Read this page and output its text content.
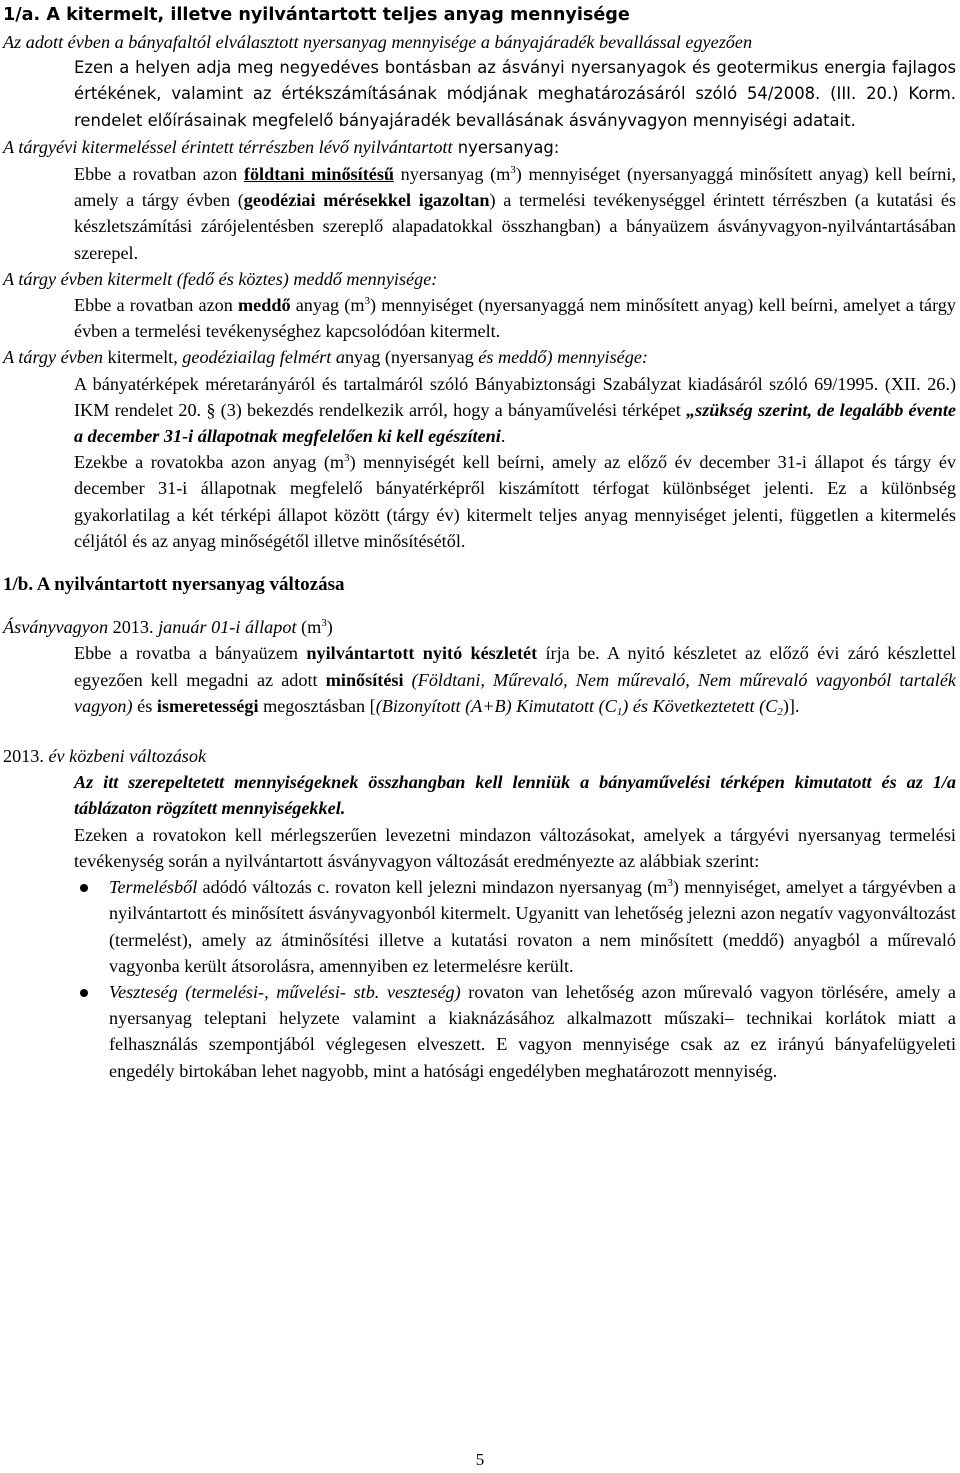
1/a. A kitermelt, illetve nyilvántartott teljes anyag mennyisége

Az adott évben a bányafaltól elválasztott nyersanyag mennyisége a bányajáradék bevallással egyezően

Ezen a helyen adja meg negyedéves bontásban az ásványi nyersanyagok és geotermikus energia fajlagos értékének, valamint az értékszámításának módjának meghatározásáról szóló 54/2008. (III. 20.) Korm. rendelet előírásainak megfelelő bányajáradék bevallásának ásványvagyon mennyiségi adatait.

A tárgyévi kitermeléssel érintett térrészben lévő nyilvántartott nyersanyag:

Ebbe a rovatban azon földtani minősítésű nyersanyag $(m^3)$ mennyiséget (nyersanyaggá minősített anyag) kell beírni, amely a tárgy évben (geodéziai mérésekkel igazoltan) a termelési tevékenységgel érintett térrészben (a kutatási és készletszámítási zárójelentésben szereplő alapadatokkal összhangban) a bányaüzem ásványvagyon-nyilvántartásában szerepel.

A tárgy évben kitermelt (fedő és köztes) meddő mennyisége:

Ebbe a rovatban azon meddő anyag $(m^3)$ mennyiséget (nyersanyaggá nem minősített anyag) kell beírni, amelyet a tárgy évben a termelési tevékenységhez kapcsolódóan kitermelt.

A tárgy évben kitermelt, geodéziailag felmért anyag (nyersanyag és meddő) mennyisége:

A bányatérképek méretarányáról és tartalmáról szóló Bányabiztonsági Szabályzat kiadásáról szóló 69/1995. (XII. 26.) IKM rendelet 20. § (3) bekezdés rendelkezik arról, hogy a bányaművelési térképet „szükség szerint, de legalább évente a december 31-i állapotnak megfelelően ki kell egészíteni.

Ezekbe a rovatokba azon anyag $(m^3)$ mennyiségét kell beírni, amely az előző év december 31-i állapot és tárgy év december 31-i állapotnak megfelelő bányatérképről kiszámított térfogat különbséget jelenti. Ez a különbség gyakorlatilag a két térképi állapot között (tárgy év) kitermelt teljes anyag mennyiséget jelenti, független a kitermelés céljától és az anyag minőségétől illetve minősítésétől.

1/b. A nyilvántartott nyersanyag változása

Ásványvagyon 2013. január 01-i állapot $(m^3)$

Ebbe a rovatba a bányaüzem nyilvántartott nyitó készletét írja be. A nyitó készletet az előző évi záró készlettel egyezően kell megadni az adott minősítési (Földtani, Műrevaló, Nem műrevaló, Nem műrevaló vagyonból tartalék vagyon) és ismeretességi megosztásban [(Bizonyított (A+B) Kimutatott $(C_1)$ és Következtetett $(C_2)$].

2013. év közbeni változások

Az itt szerepeltetett mennyiségeknek összhangban kell lenniük a bányaművelési térképen kimutatott és az 1/a táblázaton rögzített mennyiségekkel.

Ezeken a rovatokon kell mérlegszerűen levezetni mindazon változásokat, amelyek a tárgyévi nyersanyag termelési tevékenység során a nyilvántartott ásványvagyon változását eredményezte az alábbiak szerint:

Termelésből adódó változás c. rovaton kell jelezni mindazon nyersanyag $(m^3)$ mennyiséget, amelyet a tárgyévben a nyilvántartott és minősített ásványvagyonból kitermelt. Ugyanitt van lehetőség jelezni azon negatív vagyonváltozást (termelést), amely az átminősítési illetve a kutatási rovaton a nem minősített (meddő) anyagból a műrevaló vagyonba került átsorolásra, amennyiben ez letermelésre került.
Veszteség (termelési-, művelési- stb. veszteség) rovaton van lehetőség azon műrevaló vagyon törlésére, amely a nyersanyag teleptani helyzete valamint a kiaknázásához alkalmazott műszaki– technikai korlátok miatt a felhasználás szempontjából véglegesen elveszett. E vagyon mennyisége csak az ez irányú bányafelügyeleti engedély birtokában lehet nagyobb, mint a hatósági engedélyben meghatározott mennyiség.
5
